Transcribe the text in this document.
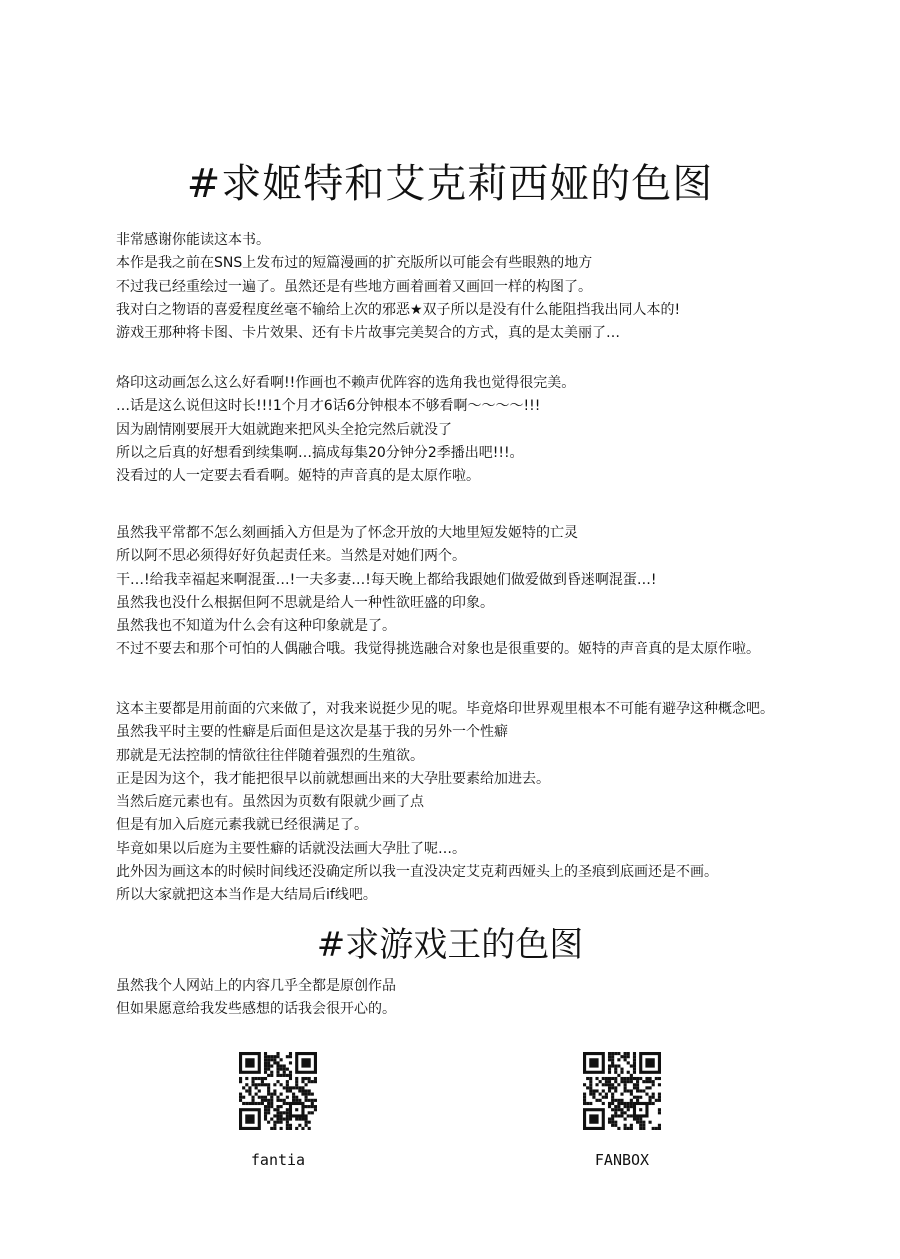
#求姬特和艾克莉西娅的色图
非常感谢你能读这本书。
本作是我之前在SNS上发布过的短篇漫画的扩充版所以可能会有些眼熟的地方
不过我已经重绘过一遍了。虽然还是有些地方画着画着又画回一样的构图了。
我对白之物语的喜爱程度丝毫不输给上次的邪恶★双子所以是没有什么能阻挡我出同人本的!
游戏王那种将卡图、卡片效果、还有卡片故事完美契合的方式，真的是太美丽了…
烙印这动画怎么这么好看啊!!作画也不赖声优阵容的选角我也觉得很完美。
…话是这么说但这时长!!!1个月才6话6分钟根本不够看啊～～～～!!!
因为剧情刚要展开大姐就跑来把风头全抢完然后就没了
所以之后真的好想看到续集啊…搞成每集20分钟分2季播出吧!!!。
没看过的人一定要去看看啊。姬特的声音真的是太原作啦。
虽然我平常都不怎么刻画插入方但是为了怀念开放的大地里短发姬特的亡灵
所以阿不思必须得好好负起责任来。当然是对她们两个。
干…!给我幸福起来啊混蛋…!一夫多妻…!每天晚上都给我跟她们做爱做到昏迷啊混蛋…!
虽然我也没什么根据但阿不思就是给人一种性欲旺盛的印象。
虽然我也不知道为什么会有这种印象就是了。
不过不要去和那个可怕的人偶融合哦。我觉得挑选融合对象也是很重要的。姬特的声音真的是太原作啦。
这本主要都是用前面的穴来做了，对我来说挺少见的呢。毕竟烙印世界观里根本不可能有避孕这种概念吧。
虽然我平时主要的性癖是后面但是这次是基于我的另外一个性癖
那就是无法控制的情欲往往伴随着强烈的生殖欲。
正是因为这个，我才能把很早以前就想画出来的大孕肚要素给加进去。
当然后庭元素也有。虽然因为页数有限就少画了点
但是有加入后庭元素我就已经很满足了。
毕竟如果以后庭为主要性癖的话就没法画大孕肚了呢…。
此外因为画这本的时候时间线还没确定所以我一直没决定艾克莉西娅头上的圣痕到底画还是不画。
所以大家就把这本当作是大结局后if线吧。
#求游戏王的色图
虽然我个人网站上的内容几乎全都是原创作品
但如果愿意给我发些感想的话我会很开心的。
fantia	FANBOX
